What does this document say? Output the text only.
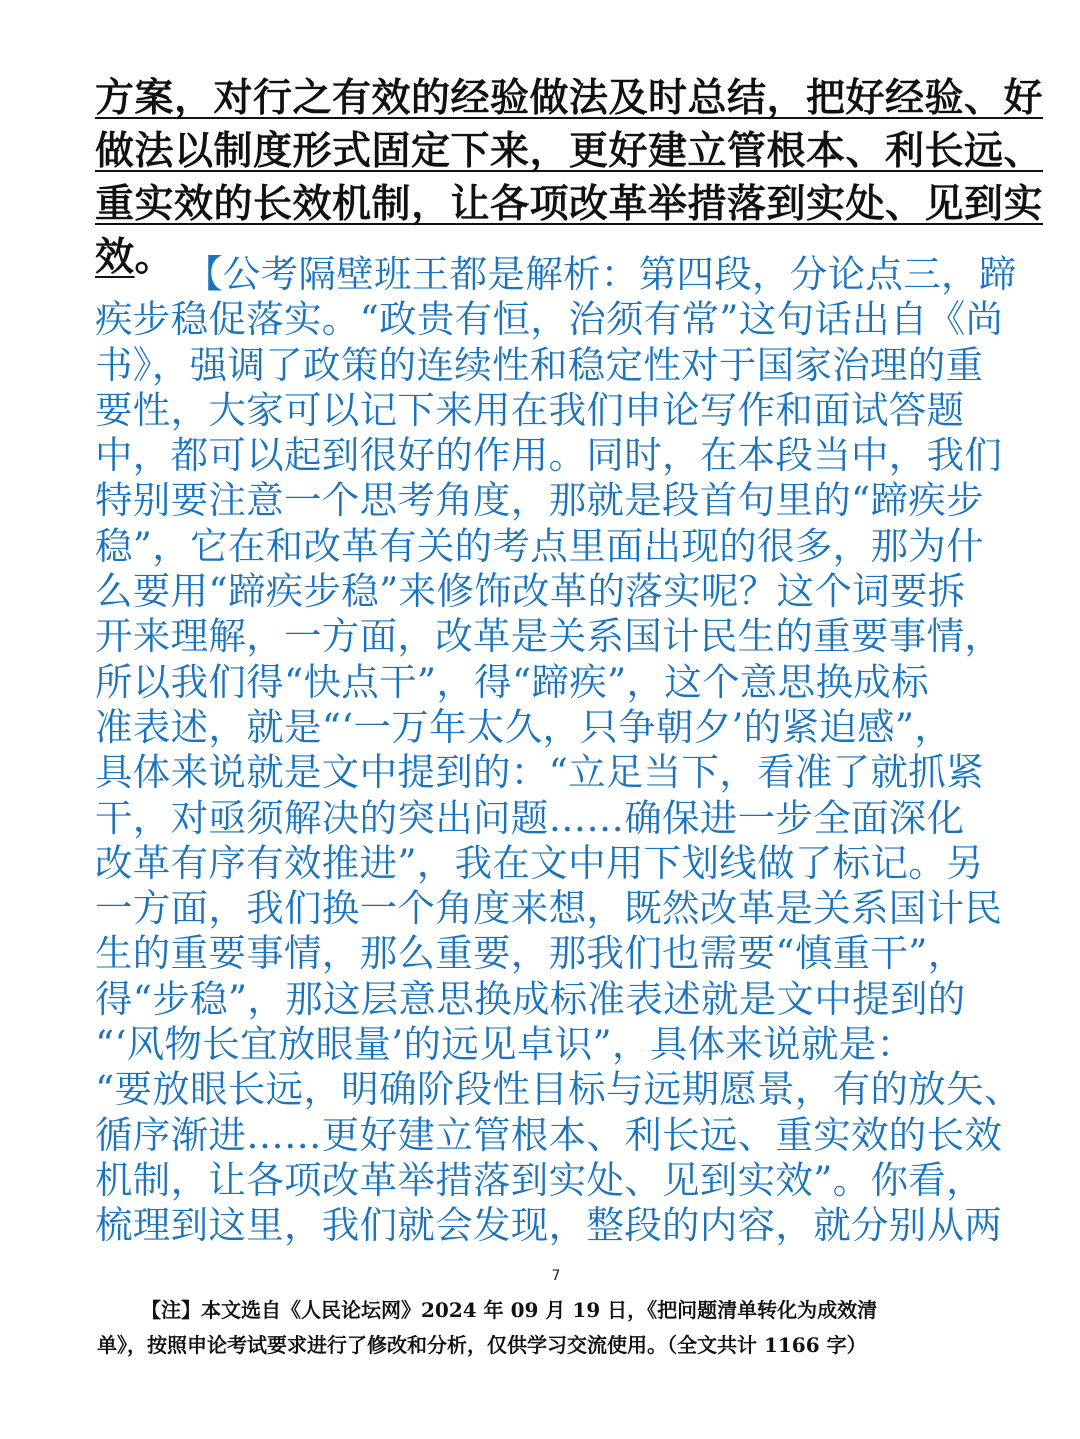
方案，对行之有效的经验做法及时总结，把好经验、好
做法以制度形式固定下来，更好建立管根本、利长远、
重实效的长效机制，让各项改革举措落到实处、见到实
效。 【公考隔壁班王都是解析：第四段，分论点三，蹄
疾步稳促落实。“政贵有恒，治须有常”这句话出自《尚
书》，强调了政策的连续性和稳定性对于国家治理的重
要性，大家可以记下来用在我们申论写作和面试答题
中，都可以起到很好的作用。同时，在本段当中，我们
特别要注意一个思考角度，那就是段首句里的“蹄疾步
稳”，它在和改革有关的考点里面出现的很多，那为什
么要用“蹄疾步稳”来修饰改革的落实呢？这个词要拆
开来理解，一方面，改革是关系国计民生的重要事情，
所以我们得“快点干”，得“蹄疾”，这个意思换成标
准表述，就是“‘一万年太久，只争朝夕’的紧迫感”，
具体来说就是文中提到的：“立足当下，看准了就抓紧
干，对亟须解决的突出问题……确保进一步全面深化
改革有序有效推进”，我在文中用下划线做了标记。另
一方面，我们换一个角度来想，既然改革是关系国计民
生的重要事情，那么重要，那我们也需要“慎重干”，
得“步稳”，那这层意思换成标准表述就是文中提到的
“‘风物长宜放眼量’的远见卓识”，具体来说就是：
“要放眼长远，明确阶段性目标与远期愿景，有的放矢、
循序渐进……更好建立管根本、利长远、重实效的长效
机制，让各项改革举措落到实处、见到实效”。你看，
梳理到这里，我们就会发现，整段的内容，就分别从两
7
【注】本文选自《人民论坛网》2024 年 09 月 19 日，《把问题清单转化为成效清
单》，按照申论考试要求进行了修改和分析，仅供学习交流使用。（全文共计 1166 字）
